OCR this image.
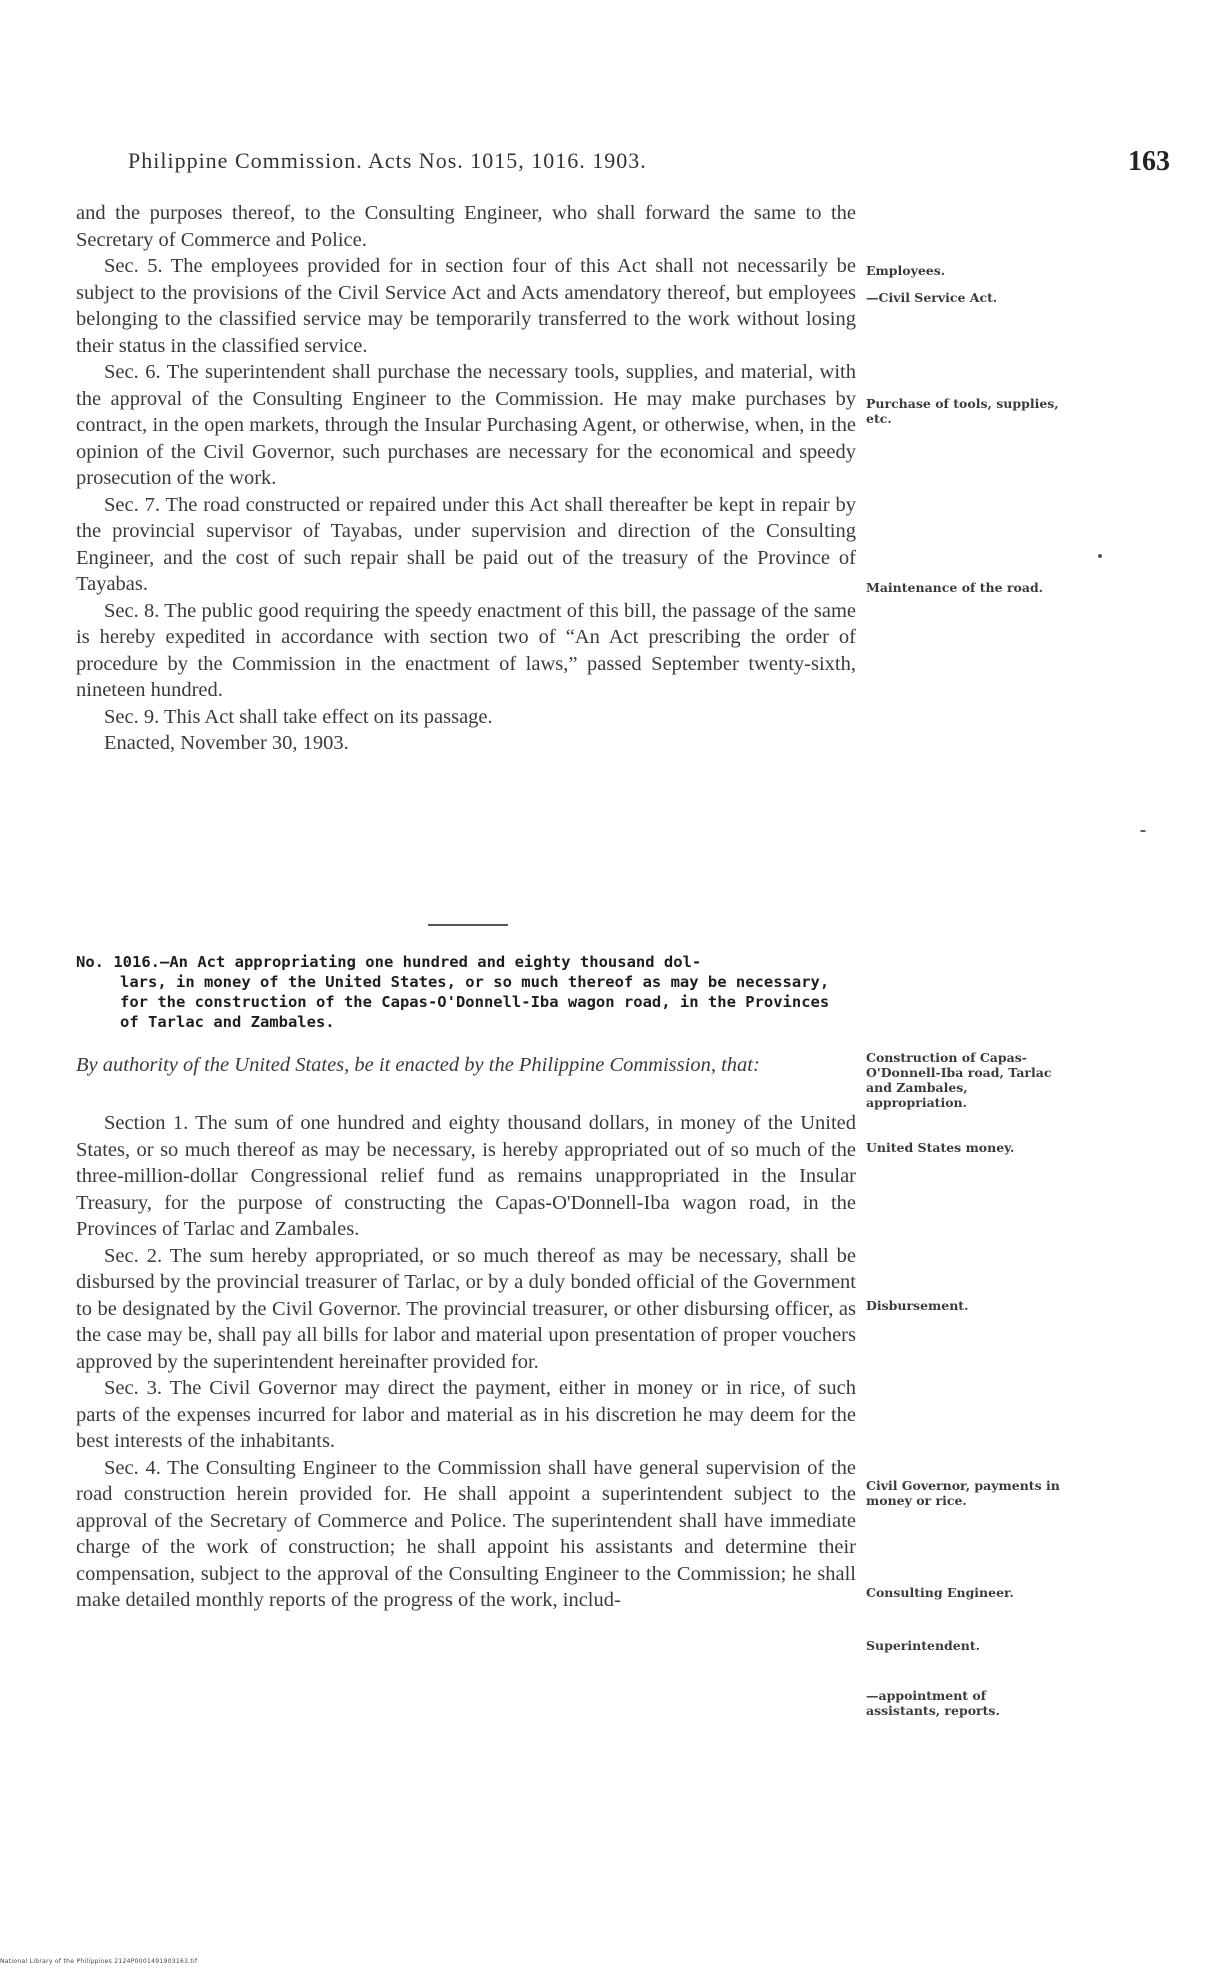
Philippine Commission. Acts Nos. 1015, 1016. 1903.	163

and the purposes thereof, to the Consulting Engineer, who shall forward the same to the Secretary of Commerce and Police.

Sec. 5. The employees provided for in section four of this Act shall not necessarily be subject to the provisions of the Civil Service Act and Acts amendatory thereof, but employees belonging to the classified service may be temporarily transferred to the work without losing their status in the classified service.

Sec. 6. The superintendent shall purchase the necessary tools, supplies, and material, with the approval of the Consulting Engineer to the Commission. He may make purchases by contract, in the open markets, through the Insular Purchasing Agent, or otherwise, when, in the opinion of the Civil Governor, such purchases are necessary for the economical and speedy prosecution of the work.

Sec. 7. The road constructed or repaired under this Act shall thereafter be kept in repair by the provincial supervisor of Tayabas, under supervision and direction of the Consulting Engineer, and the cost of such repair shall be paid out of the treasury of the Province of Tayabas.

Sec. 8. The public good requiring the speedy enactment of this bill, the passage of the same is hereby expedited in accordance with section two of “An Act prescribing the order of procedure by the Commission in the enactment of laws,” passed September twenty-sixth, nineteen hundred.

Sec. 9. This Act shall take effect on its passage.

Enacted, November 30, 1903.

Employees.
—Civil Service Act.
Purchase of tools, supplies, etc.
Maintenance of the road.
No. 1016.—An Act appropriating one hundred and eighty thousand dol-
lars, in money of the United States, or so much thereof as may be necessary, for the construction of the Capas-O'Donnell-Iba wagon road, in the Provinces of Tarlac and Zambales.
By authority of the United States, be it enacted by the Philippine Commission, that:

Section 1. The sum of one hundred and eighty thousand dollars, in money of the United States, or so much thereof as may be necessary, is hereby appropriated out of so much of the three-million-dollar Congressional relief fund as remains unappropriated in the Insular Treasury, for the purpose of constructing the Capas-O'Donnell-Iba wagon road, in the Provinces of Tarlac and Zambales.

Sec. 2. The sum hereby appropriated, or so much thereof as may be necessary, shall be disbursed by the provincial treasurer of Tarlac, or by a duly bonded official of the Government to be designated by the Civil Governor. The provincial treasurer, or other disbursing officer, as the case may be, shall pay all bills for labor and material upon presentation of proper vouchers approved by the superintendent hereinafter provided for.

Sec. 3. The Civil Governor may direct the payment, either in money or in rice, of such parts of the expenses incurred for labor and material as in his discretion he may deem for the best interests of the inhabitants.

Sec. 4. The Consulting Engineer to the Commission shall have general supervision of the road construction herein provided for. He shall appoint a superintendent subject to the approval of the Secretary of Commerce and Police. The superintendent shall have immediate charge of the work of construction; he shall appoint his assistants and determine their compensation, subject to the approval of the Consulting Engineer to the Commission; he shall make detailed monthly reports of the progress of the work, includ-

Construction of Capas-O'Donnell-Iba road, Tarlac and Zambales, appropriation.
United States money.
Disbursement.
Civil Governor, payments in money or rice.
Consulting Engineer.
Superintendent.
—appointment of assistants, reports.
National Library of the Philippines 2124P0001491903163.tif
